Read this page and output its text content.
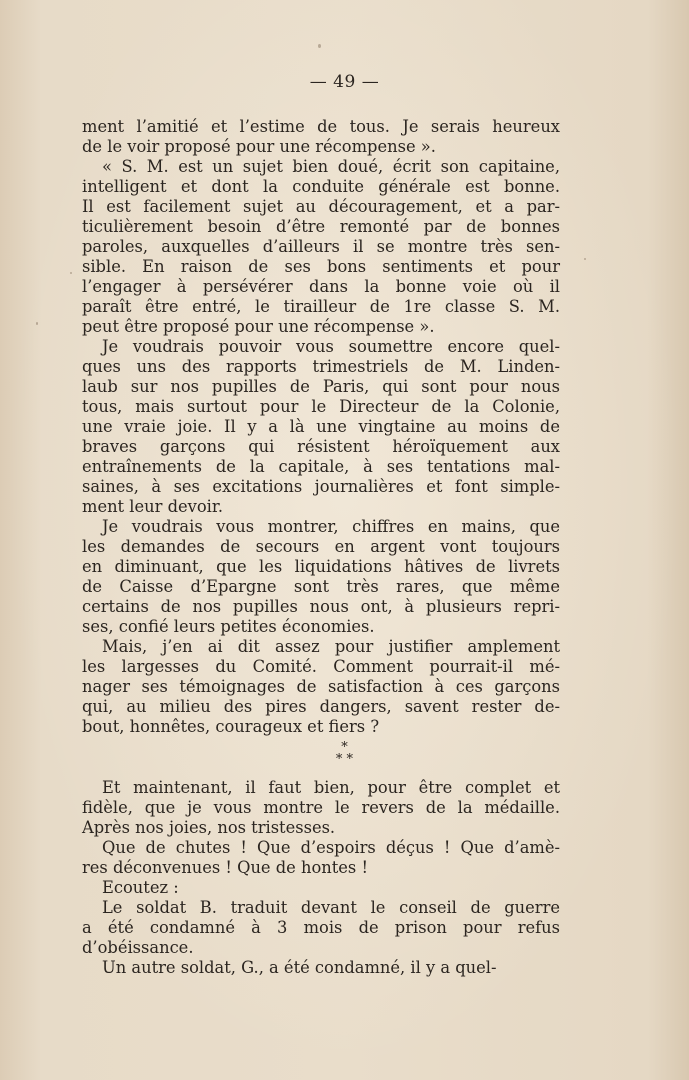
— 49 —

ment l’amitié et l’estime de tous. Je serais heureux

de le voir proposé pour une récompense ».

« S. M. est un sujet bien doué, écrit son capitaine,

intelligent et dont la conduite générale est bonne.

Il est facilement sujet au découragement, et a par-

ticulièrement besoin d’être remonté par de bonnes

paroles, auxquelles d’ailleurs il se montre très sen-

sible. En raison de ses bons sentiments et pour

l’engager à persévérer dans la bonne voie où il

paraît être entré, le tirailleur de 1re classe S. M.

peut être proposé pour une récompense ».

Je voudrais pouvoir vous soumettre encore quel-

ques uns des rapports trimestriels de M. Linden-

laub sur nos pupilles de Paris, qui sont pour nous

tous, mais surtout pour le Directeur de la Colonie,

une vraie joie. Il y a là une vingtaine au moins de

braves garçons qui résistent héroïquement aux

entraînements de la capitale, à ses tentations mal-

saines, à ses excitations journalières et font simple-

ment leur devoir.

Je voudrais vous montrer, chiffres en mains, que

les demandes de secours en argent vont toujours

en diminuant, que les liquidations hâtives de livrets

de Caisse d’Epargne sont très rares, que même

certains de nos pupilles nous ont, à plusieurs repri-

ses, confié leurs petites économies.

Mais, j’en ai dit assez pour justifier amplement

les largesses du Comité. Comment pourrait-il mé-

nager ses témoignages de satisfaction à ces garçons

qui, au milieu des pires dangers, savent rester de-

bout, honnêtes, courageux et fiers ?

*
* *

Et maintenant, il faut bien, pour être complet et

fidèle, que je vous montre le revers de la médaille.

Après nos joies, nos tristesses.

Que de chutes ! Que d’espoirs déçus ! Que d’amè-

res déconvenues ! Que de hontes !

Ecoutez :

Le soldat B. traduit devant le conseil de guerre

a été condamné à 3 mois de prison pour refus

d’obéissance.

Un autre soldat, G., a été condamné, il y a quel-
